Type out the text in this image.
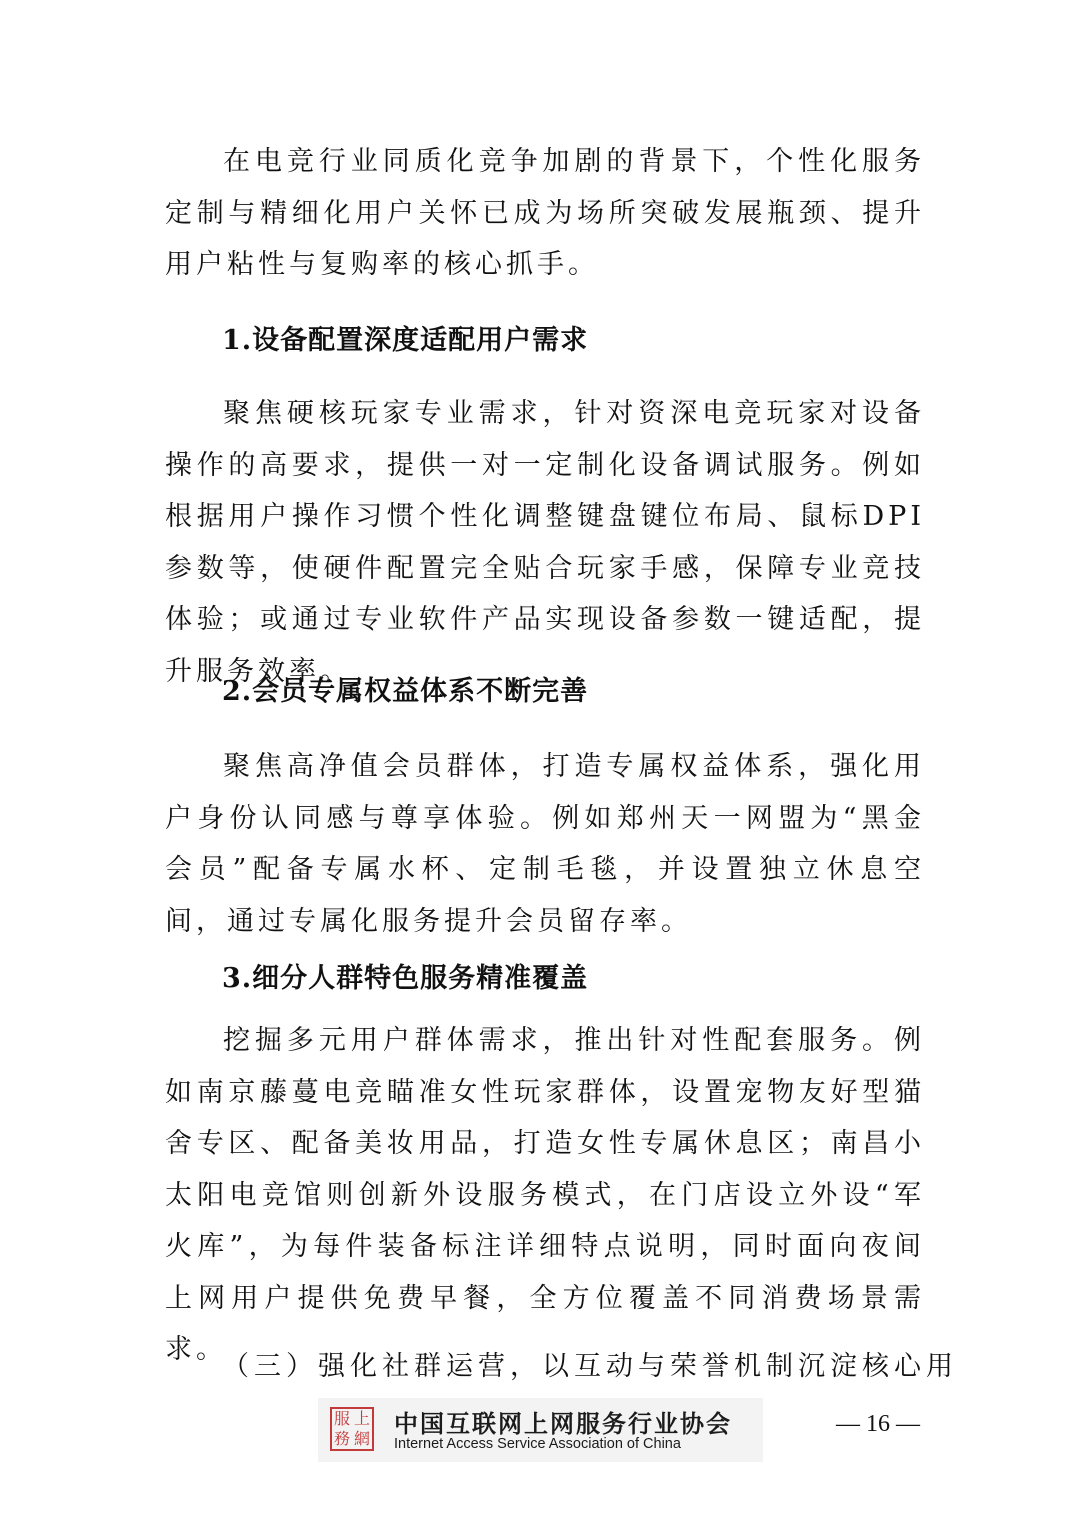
在电竞行业同质化竞争加剧的背景下，个性化服务定制与精细化用户关怀已成为场所突破发展瓶颈、提升用户粘性与复购率的核心抓手。

1.设备配置深度适配用户需求

聚焦硬核玩家专业需求，针对资深电竞玩家对设备操作的高要求，提供一对一定制化设备调试服务。例如根据用户操作习惯个性化调整键盘键位布局、鼠标DPI参数等，使硬件配置完全贴合玩家手感，保障专业竞技体验；或通过专业软件产品实现设备参数一键适配，提升服务效率。

2.会员专属权益体系不断完善

聚焦高净值会员群体，打造专属权益体系，强化用户身份认同感与尊享体验。例如郑州天一网盟为“黑金会员”配备专属水杯、定制毛毯，并设置独立休息空间，通过专属化服务提升会员留存率。

3.细分人群特色服务精准覆盖

挖掘多元用户群体需求，推出针对性配套服务。例如南京藤蔓电竞瞄准女性玩家群体，设置宠物友好型猫舍专区、配备美妆用品，打造女性专属休息区；南昌小太阳电竞馆则创新外设服务模式，在门店设立外设“军火库”，为每件装备标注详细特点说明，同时面向夜间上网用户提供免费早餐，全方位覆盖不同消费场景需求。

（三）强化社群运营，以互动与荣誉机制沉淀核心用

服 上
務 網
中国互联网上网服务行业协会
Internet Access Service Association of China
— 16 —
